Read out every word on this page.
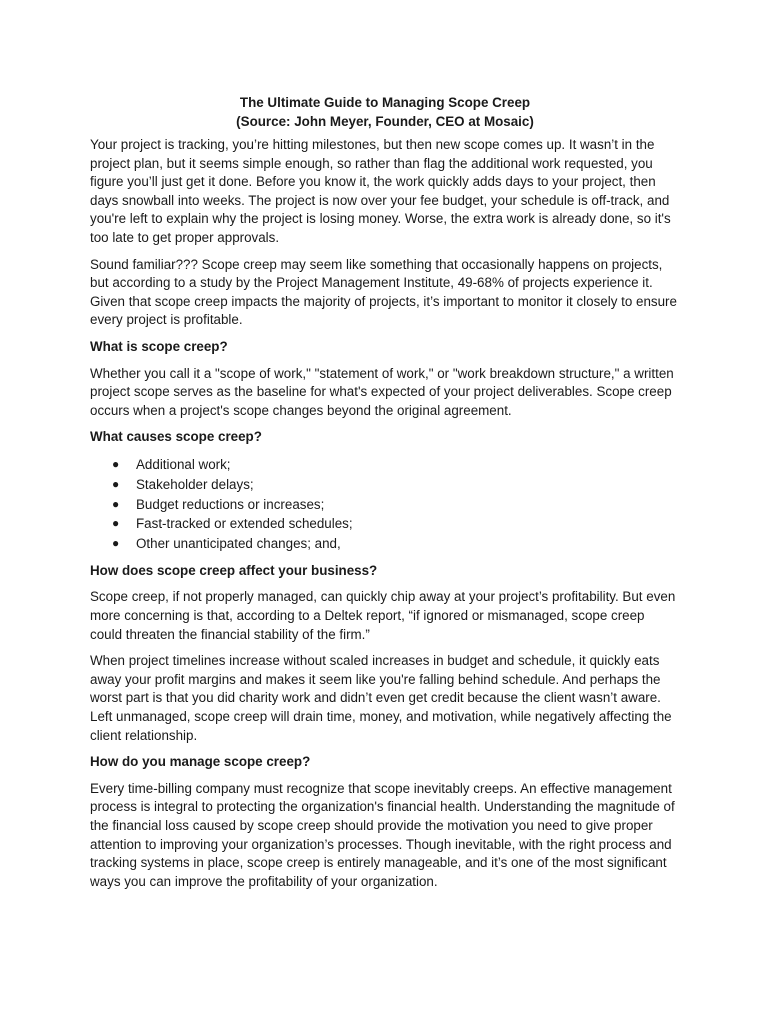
The Ultimate Guide to Managing Scope Creep
(Source: John Meyer, Founder, CEO at Mosaic)

Your project is tracking, you’re hitting milestones, but then new scope comes up. It wasn’t in the project plan, but it seems simple enough, so rather than flag the additional work requested, you figure you’ll just get it done. Before you know it, the work quickly adds days to your project, then days snowball into weeks. The project is now over your fee budget, your schedule is off-track, and you're left to explain why the project is losing money. Worse, the extra work is already done, so it's too late to get proper approvals.

Sound familiar??? Scope creep may seem like something that occasionally happens on projects, but according to a study by the Project Management Institute, 49-68% of projects experience it. Given that scope creep impacts the majority of projects, it’s important to monitor it closely to ensure every project is profitable.

What is scope creep?

Whether you call it a "scope of work," "statement of work," or "work breakdown structure," a written project scope serves as the baseline for what's expected of your project deliverables. Scope creep occurs when a project's scope changes beyond the original agreement.

What causes scope creep?
● Additional work;
● Stakeholder delays;
● Budget reductions or increases;
● Fast-tracked or extended schedules;
● Other unanticipated changes; and,
How does scope creep affect your business?

Scope creep, if not properly managed, can quickly chip away at your project’s profitability. But even more concerning is that, according to a Deltek report, “if ignored or mismanaged, scope creep could threaten the financial stability of the firm.”

When project timelines increase without scaled increases in budget and schedule, it quickly eats away your profit margins and makes it seem like you're falling behind schedule. And perhaps the worst part is that you did charity work and didn’t even get credit because the client wasn’t aware. Left unmanaged, scope creep will drain time, money, and motivation, while negatively affecting the client relationship.

How do you manage scope creep?

Every time-billing company must recognize that scope inevitably creeps. An effective management process is integral to protecting the organization's financial health. Understanding the magnitude of the financial loss caused by scope creep should provide the motivation you need to give proper attention to improving your organization’s processes. Though inevitable, with the right process and tracking systems in place, scope creep is entirely manageable, and it’s one of the most significant ways you can improve the profitability of your organization.
